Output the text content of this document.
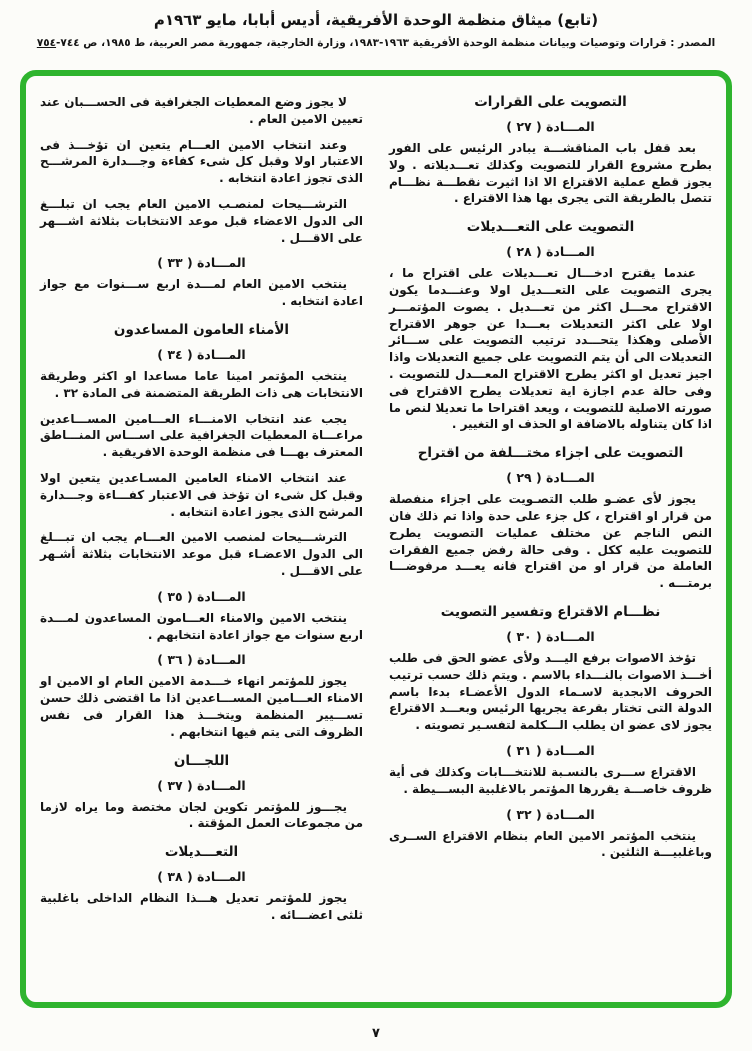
(تابع) ميثاق منظمة الوحدة الأفريقية، أديس أبابا، مايو ١٩٦٣م
المصدر : قرارات وتوصيات وبيانات منظمة الوحدة الأفريقية ١٩٦٣-١٩٨٣، وزارة الخارجية، جمهورية مصر العربية، ط ١٩٨٥، ص ٧٤٤-٧٥٤
التصويت على القرارات
المـــادة ( ٢٧ )

بعد قفل باب المناقشـــة يبادر الرئيس على الفور بطرح مشروع القرار للتصويت وكذلك تعـــديلاته . ولا يجوز قطع عملية الاقتراع الا اذا اثيرت نقطـــة نظـــام تتصل بالطريقة التى يجرى بها هذا الاقتراع .

التصويت على التعـــديلات
المـــادة ( ٢٨ )

عندما يقترح ادخـــال تعـــديلات على اقتراح ما ، يجرى التصويت على التعـــديل اولا وعنـــدما يكون الاقتراح محـــل اكثر من تعـــديل . يصوت المؤتمـــر اولا على اكثر التعديلات بعـــدا عن جوهر الاقتراح الأصلى وهكذا يتحـــدد ترتيب التصويت على ســـائر التعديلات الى أن يتم التصويت على جميع التعديلات واذا اجيز تعديل او اكثر يطرح الاقتراح المعـــدل للتصويت . وفى حالة عدم اجازة اية تعديلات يطرح الاقتراح فى صورته الاصلية للتصويت ، ويعد اقتراحا ما تعديلا لنص ما اذا كان يتناوله بالاضافة او الحذف او التغيير .

التصويت على اجزاء مختـــلفة من اقتراح
المـــادة ( ٢٩ )

يجوز لأى عضـو طلب التصـويت على اجزاء منفصلة من قرار او اقتراح ، كل جزء على حدة واذا تم ذلك فان النص الناجم عن مختلف عمليات التصويت يطرح للتصويت عليه ككل . وفى حالة رفض جميع الفقرات العاملة من قرار او من اقتراح فانه يعـــد مرفوضـــا برمتـــه .

نظـــام الاقتراع وتفسير التصويت
المـــادة ( ٣٠ )

تؤخذ الاصوات برفع اليـــد ولأى عضو الحق فى طلب أخـــذ الاصوات بالنـــداء بالاسم . ويتم ذلك حسب ترتيب الحروف الابجدية لاسـماء الدول الأعضـاء بدءا باسم الدولة التى تختار بقرعة يجريها الرئيس وبعـــد الاقتراع يجوز لاى عضو ان يطلب الـــكلمة لتفسـير تصويته .

المـــادة ( ٣١ )

الاقتراع ســـرى بالنسـبة للانتخـــابات وكذلك فى أية ظروف خاصـــة يقررها المؤتمر بالاغلبية البســـيطة .

المـــادة ( ٣٢ )

ينتخب المؤتمر الامين العام بنظام الاقتراع الســرى وباغلبيـــة الثلثين .

لا يجوز وضع المعطيات الجغرافية فى الحســـبان عند تعيين الامين العام .

وعند انتخاب الامين العـــام يتعين ان تؤخـــذ فى الاعتبار اولا وقبل كل شىء كفاءة وجـــدارة المرشـــح الذى تجوز اعادة انتخابه .

الترشـــيحات لمنصـب الامين العام يجب ان تبلـــغ الى الدول الاعضاء قبل موعد الانتخابات بثلاثة اشـــهر على الاقـــل .

المـــادة ( ٣٣ )

ينتخب الامين العام لمـــدة اربع ســـنوات مع جواز اعادة انتخابه .

الأمناء العامون المساعدون
المـــادة ( ٣٤ )

ينتخب المؤتمر امينا عاما مساعدا او اكثر وطريقة الانتخابات هى ذات الطريقة المتضمنة فى المادة ٣٢ .

يجب عند انتخاب الامنـــاء العـــامين المســـاعدين مراعـــاة المعطيات الجغرافية على اســـاس المنـــاطق المعترف بهـــا فى منظمة الوحدة الافريقية .

عند انتخاب الامناء العامين المسـاعدين يتعين اولا وقبل كل شىء ان تؤخذ فى الاعتبار كفـــاءة وجـــدارة المرشح الذى يجوز اعادة انتخابه .

الترشـــيحات لمنصب الامين العـــام يجب ان تبـــلغ الى الدول الاعضـاء قبل موعد الانتخابات بثلاثة أشـهر على الاقـــل .

المـــادة ( ٣٥ )

ينتخب الامين والامناء العـــامون المساعدون لمـــدة اربع سنوات مع جواز اعادة انتخابهم .

المـــادة ( ٣٦ )

يجوز للمؤتمر انهاء خـــدمة الامين العام او الامين او الامناء العـــامين المســـاعدين اذا ما اقتضى ذلك حسن تســـيير المنظمة ويتخـــذ هذا القرار فى نفس الظروف التى يتم فيها انتخابهم .

اللجـــان
المـــادة ( ٣٧ )

يجـــوز للمؤتمر تكوين لجان مختصة وما يراه لازما من مجموعات العمل المؤقتة .

التعـــديلات
المـــادة ( ٣٨ )

يجوز للمؤتمر تعديل هـــذا النظام الداخلى باغلبية ثلثى اعضـــائه .

٧
